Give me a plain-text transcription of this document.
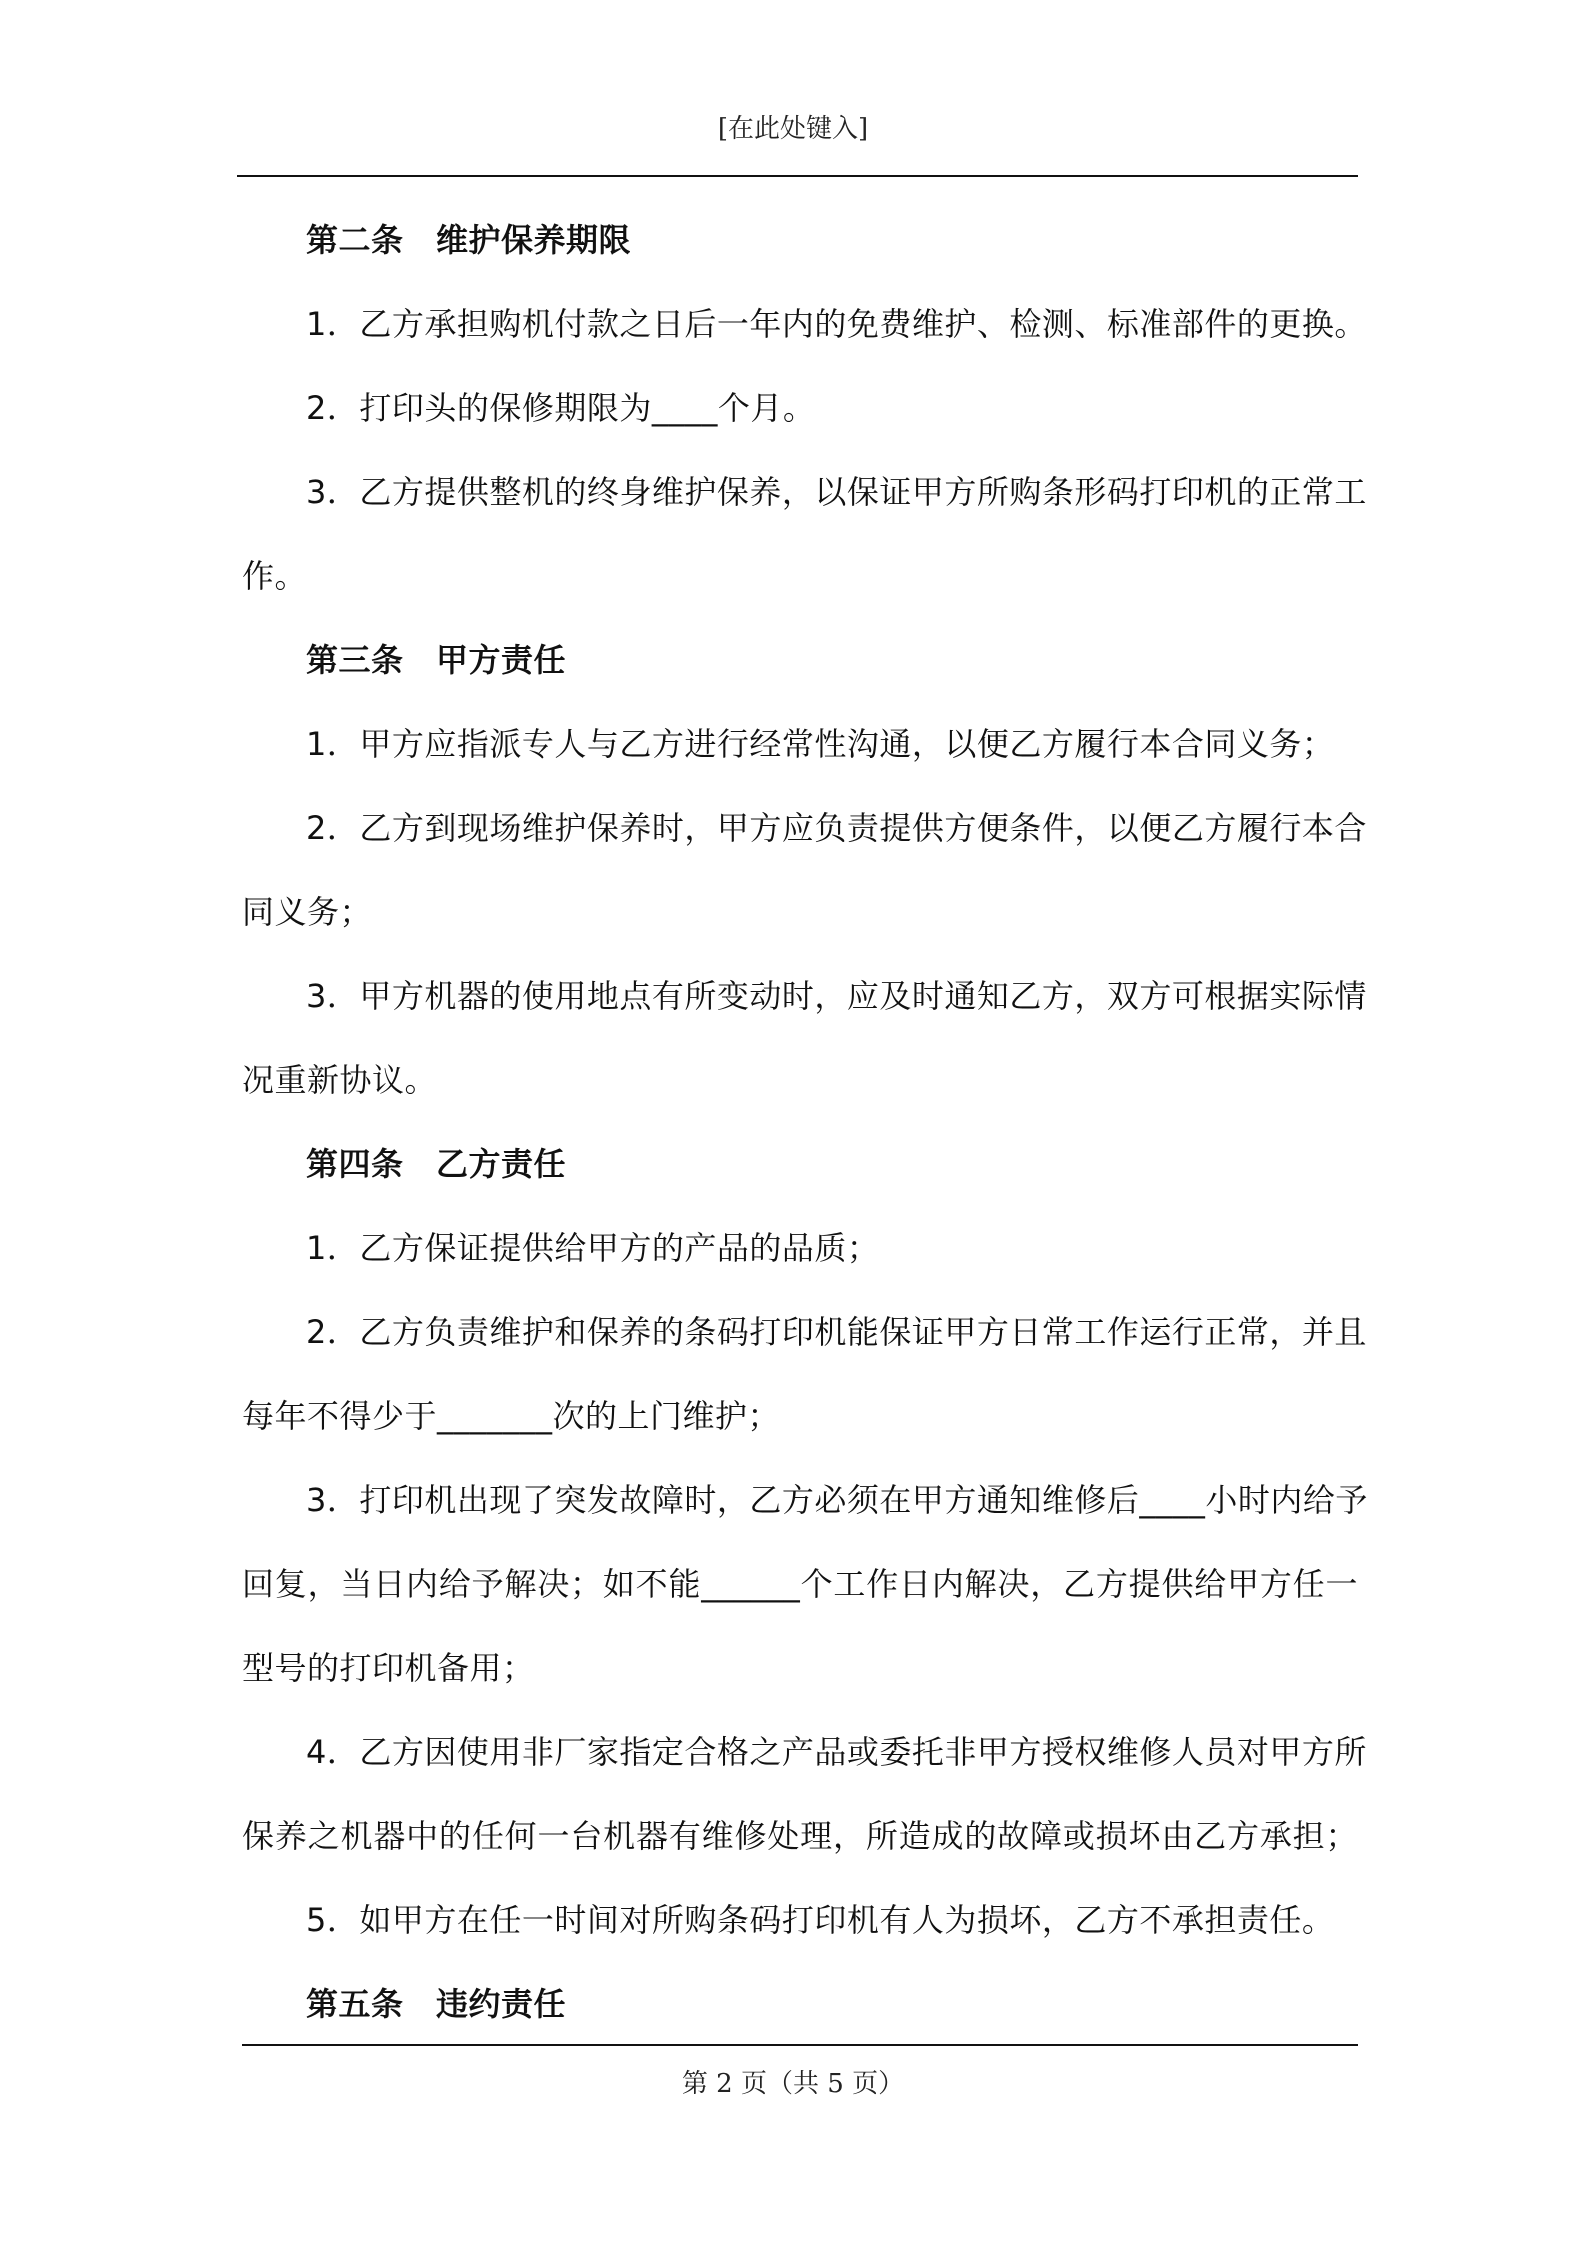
[在此处键入]
第二条　维护保养期限
1．乙方承担购机付款之日后一年内的免费维护、检测、标准部件的更换。
2．打印头的保修期限为____个月。
3．乙方提供整机的终身维护保养，以保证甲方所购条形码打印机的正常工
作。
第三条　甲方责任
1．甲方应指派专人与乙方进行经常性沟通，以便乙方履行本合同义务；
2．乙方到现场维护保养时，甲方应负责提供方便条件，以便乙方履行本合
同义务；
3．甲方机器的使用地点有所变动时，应及时通知乙方，双方可根据实际情
况重新协议。
第四条　乙方责任
1．乙方保证提供给甲方的产品的品质；
2．乙方负责维护和保养的条码打印机能保证甲方日常工作运行正常，并且
每年不得少于_______次的上门维护；
3．打印机出现了突发故障时，乙方必须在甲方通知维修后____小时内给予
回复，当日内给予解决；如不能______个工作日内解决，乙方提供给甲方任一
型号的打印机备用；
4．乙方因使用非厂家指定合格之产品或委托非甲方授权维修人员对甲方所
保养之机器中的任何一台机器有维修处理，所造成的故障或损坏由乙方承担；
5．如甲方在任一时间对所购条码打印机有人为损坏，乙方不承担责任。
第五条　违约责任
第 2 页（共 5 页）
